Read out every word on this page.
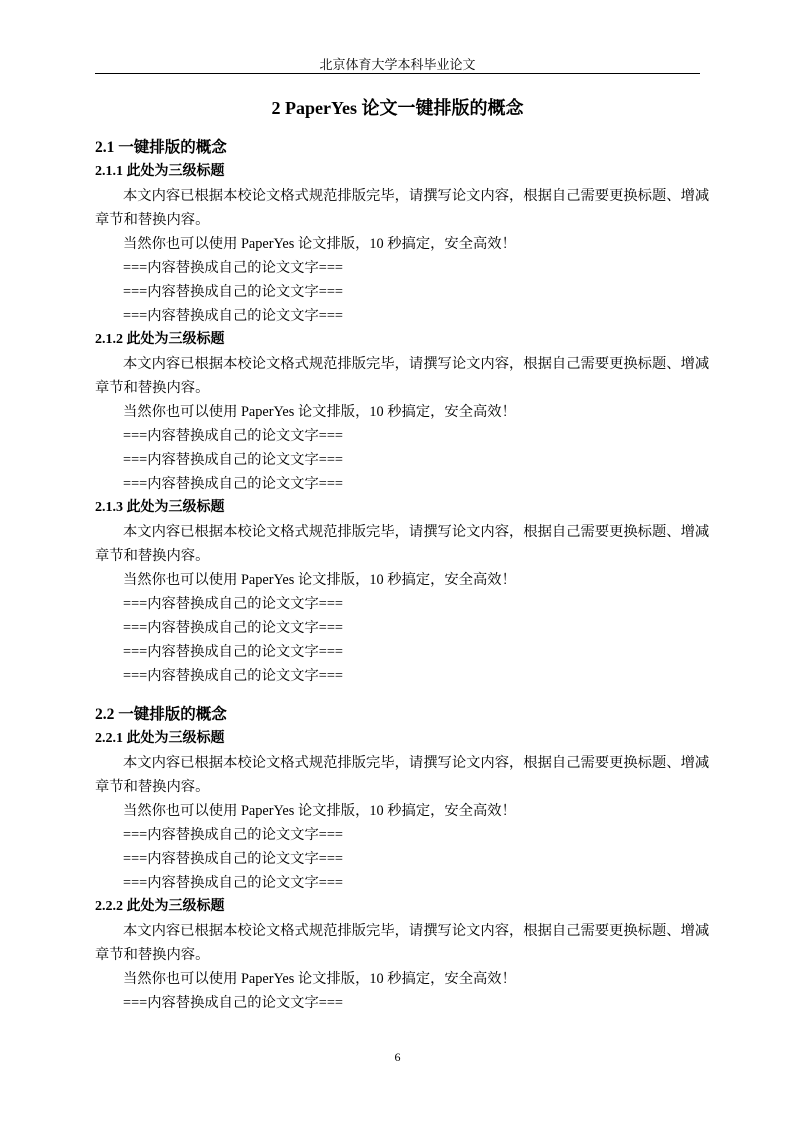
北京体育大学本科毕业论文
2 PaperYes 论文一键排版的概念
2.1 一键排版的概念
2.1.1 此处为三级标题
本文内容已根据本校论文格式规范排版完毕，请撰写论文内容，根据自己需要更换标题、增减
章节和替换内容。
当然你也可以使用 PaperYes 论文排版，10 秒搞定，安全高效！
===内容替换成自己的论文文字===
===内容替换成自己的论文文字===
===内容替换成自己的论文文字===
2.1.2 此处为三级标题
本文内容已根据本校论文格式规范排版完毕，请撰写论文内容，根据自己需要更换标题、增减
章节和替换内容。
当然你也可以使用 PaperYes 论文排版，10 秒搞定，安全高效！
===内容替换成自己的论文文字===
===内容替换成自己的论文文字===
===内容替换成自己的论文文字===
2.1.3 此处为三级标题
本文内容已根据本校论文格式规范排版完毕，请撰写论文内容，根据自己需要更换标题、增减
章节和替换内容。
当然你也可以使用 PaperYes 论文排版，10 秒搞定，安全高效！
===内容替换成自己的论文文字===
===内容替换成自己的论文文字===
===内容替换成自己的论文文字===
===内容替换成自己的论文文字===
2.2 一键排版的概念
2.2.1 此处为三级标题
本文内容已根据本校论文格式规范排版完毕，请撰写论文内容，根据自己需要更换标题、增减
章节和替换内容。
当然你也可以使用 PaperYes 论文排版，10 秒搞定，安全高效！
===内容替换成自己的论文文字===
===内容替换成自己的论文文字===
===内容替换成自己的论文文字===
2.2.2 此处为三级标题
本文内容已根据本校论文格式规范排版完毕，请撰写论文内容，根据自己需要更换标题、增减
章节和替换内容。
当然你也可以使用 PaperYes 论文排版，10 秒搞定，安全高效！
===内容替换成自己的论文文字===
6
